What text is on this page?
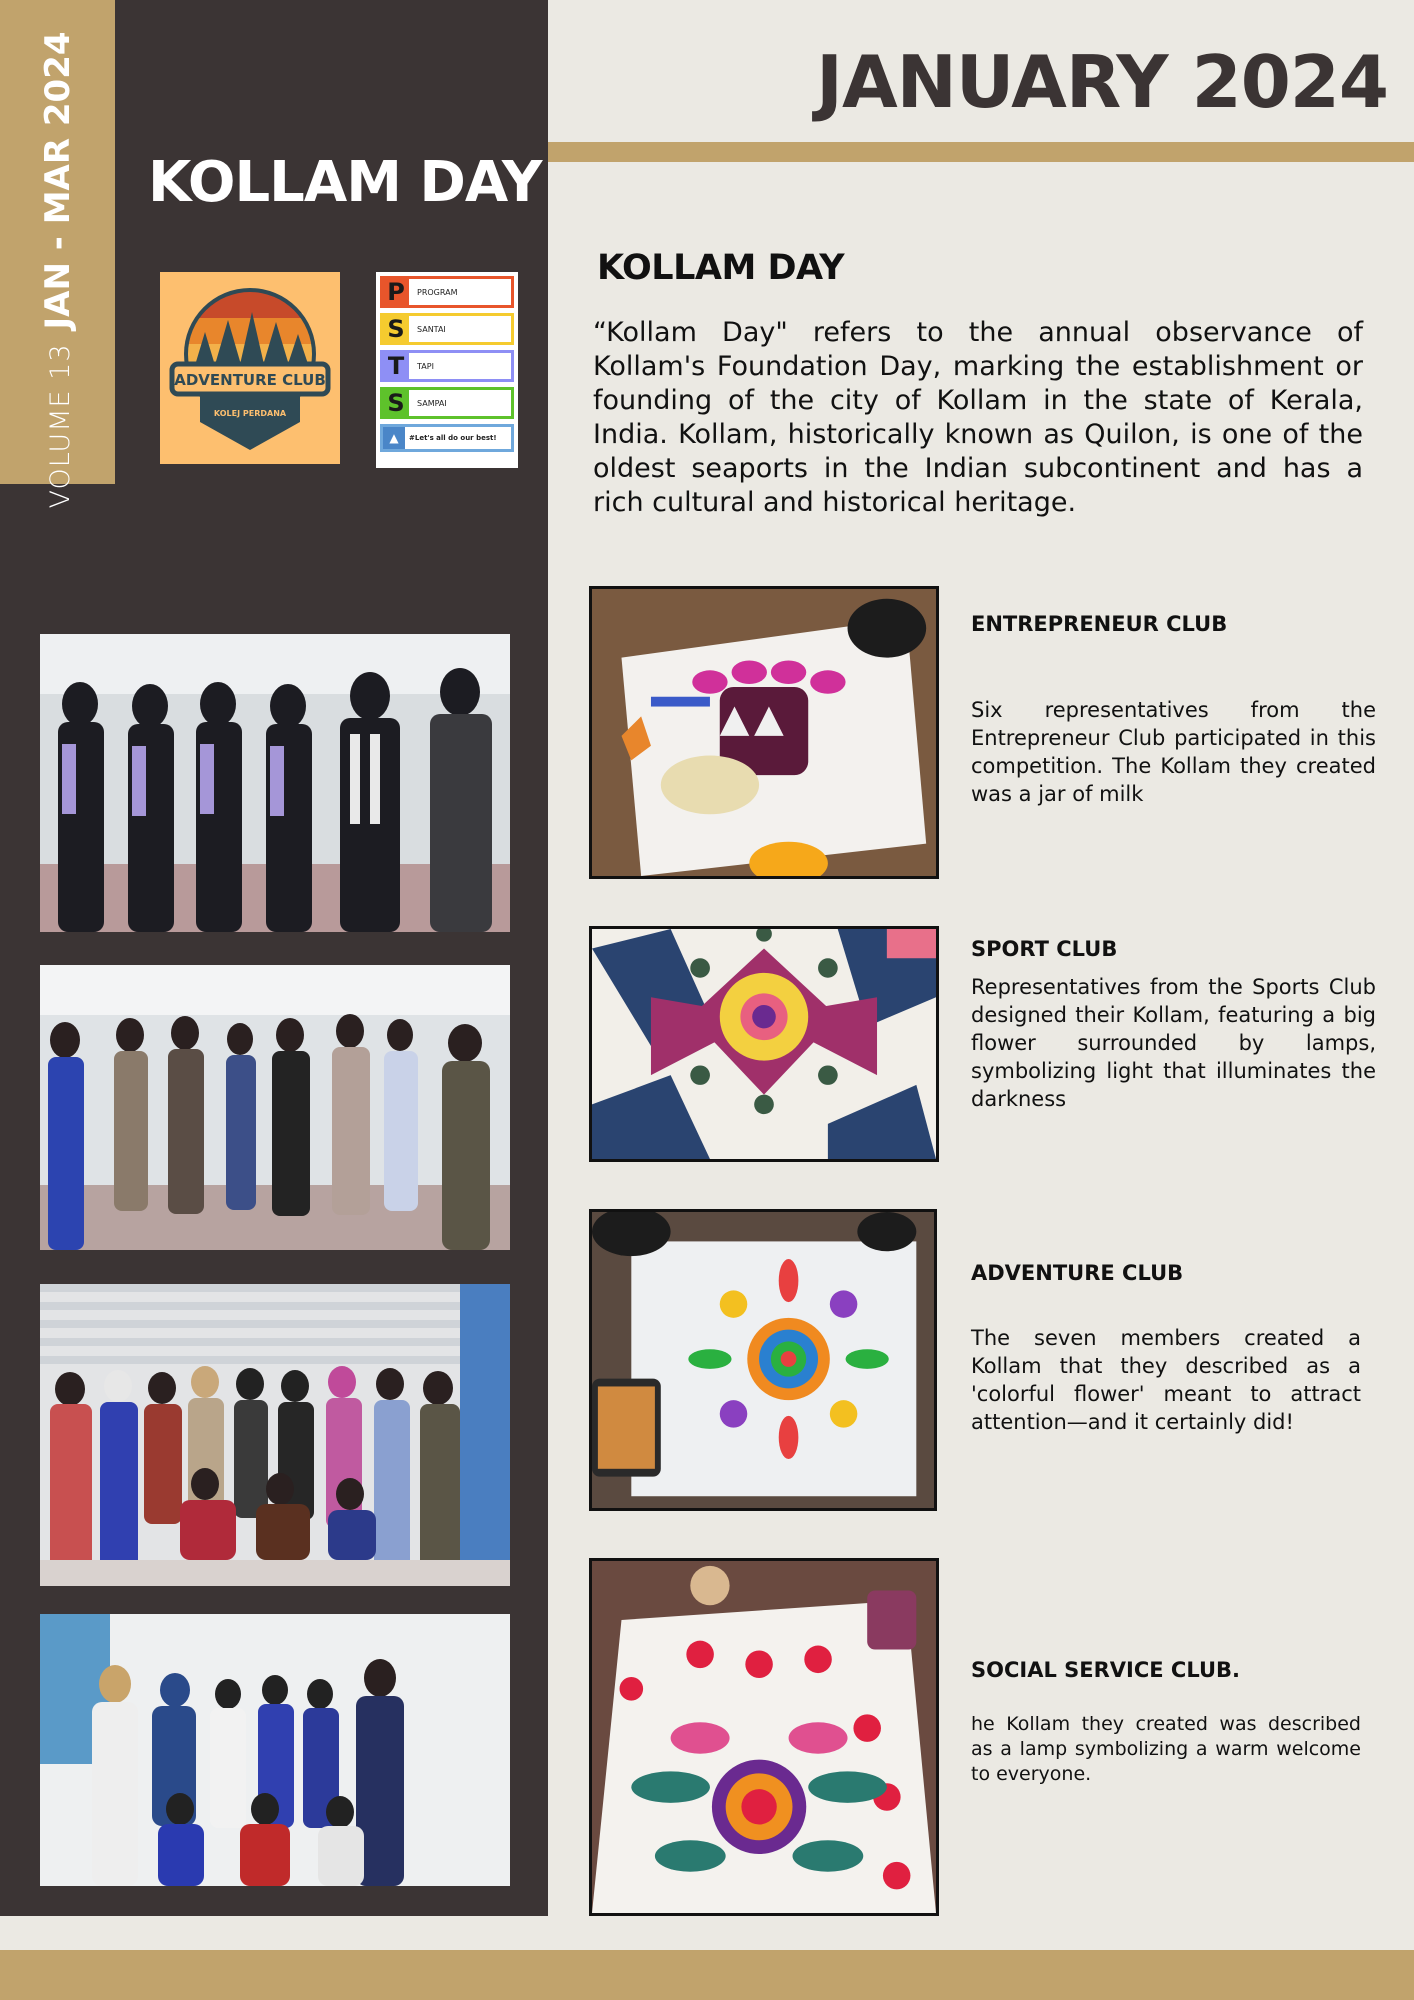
VOLUME 13
JAN - MAR 2024 KOLLAM DAY
ADVENTURE CLUB
KOLEJ PERDANA
P	PROGRAM
S	SANTAI
T	TAPI
S	SAMPAI
▲	#Let's all do our best!
JANUARY 2024
KOLLAM DAY
“Kollam Day" refers to the annual observance of Kollam's Foundation Day, marking the establishment or founding of the city of Kollam in the state of Kerala, India. Kollam, historically known as Quilon, is one of the oldest seaports in the Indian subcontinent and has a rich cultural and historical heritage.
ENTREPRENEUR CLUB
Six representatives from the Entrepreneur Club participated in this competition. The Kollam they created was a jar of milk
SPORT CLUB
Representatives from the Sports Club designed their Kollam, featuring a big flower surrounded by lamps, symbolizing light that illuminates the darkness
ADVENTURE CLUB
The seven members created a Kollam that they described as a 'colorful flower' meant to attract attention—and it certainly did!
SOCIAL SERVICE CLUB.
he Kollam they created was described as a lamp symbolizing a warm welcome to everyone.
